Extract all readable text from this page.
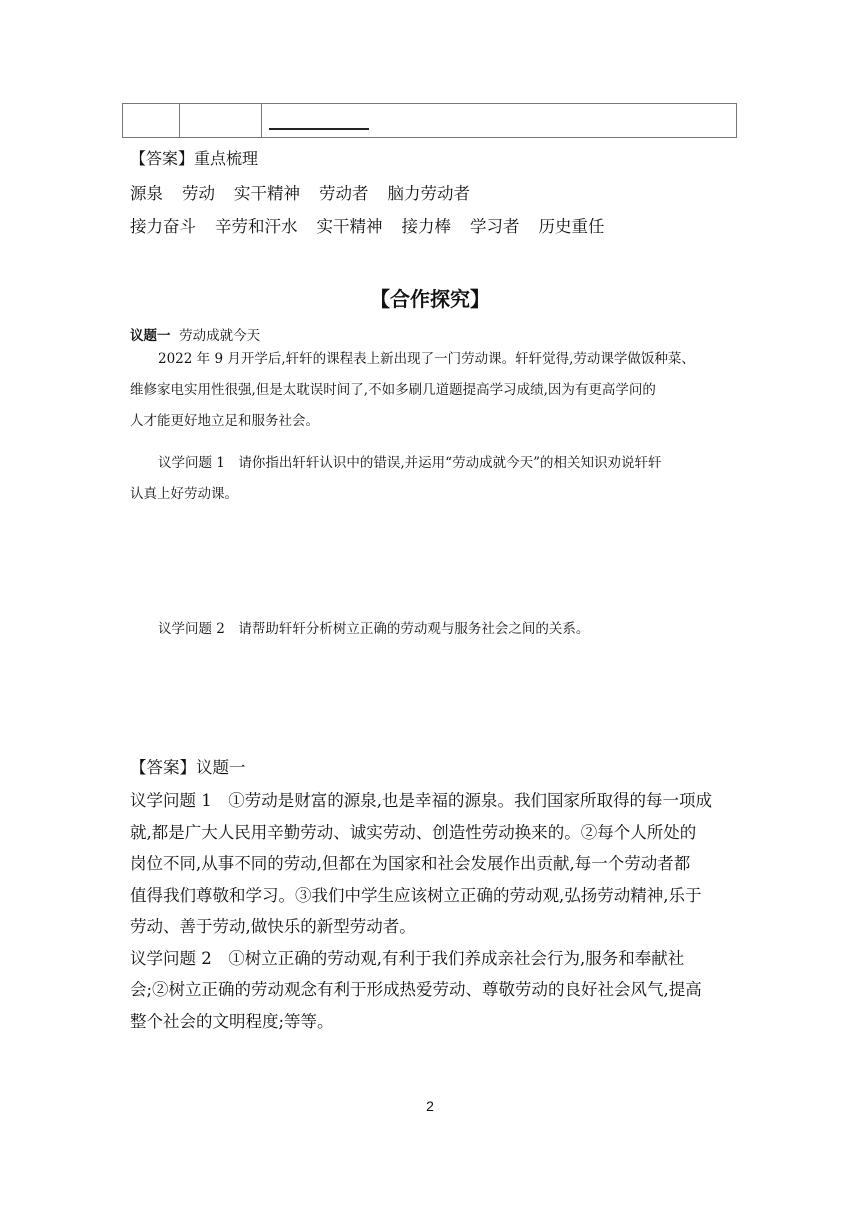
【答案】重点梳理
源泉 劳动 实干精神 劳动者 脑力劳动者
接力奋斗 辛劳和汗水 实干精神 接力棒 学习者 历史重任
【合作探究】
议题一 劳动成就今天
2022 年 9 月开学后,轩轩的课程表上新出现了一门劳动课。轩轩觉得,劳动课学做饭种菜、
维修家电实用性很强,但是太耽误时间了,不如多刷几道题提高学习成绩,因为有更高学问的
人才能更好地立足和服务社会。
议学问题 1　请你指出轩轩认识中的错误,并运用“劳动成就今天”的相关知识劝说轩轩
认真上好劳动课。
议学问题 2　请帮助轩轩分析树立正确的劳动观与服务社会之间的关系。
【答案】议题一
议学问题 1　①劳动是财富的源泉,也是幸福的源泉。我们国家所取得的每一项成
就,都是广大人民用辛勤劳动、诚实劳动、创造性劳动换来的。②每个人所处的
岗位不同,从事不同的劳动,但都在为国家和社会发展作出贡献,每一个劳动者都
值得我们尊敬和学习。③我们中学生应该树立正确的劳动观,弘扬劳动精神,乐于
劳动、善于劳动,做快乐的新型劳动者。
议学问题 2　①树立正确的劳动观,有利于我们养成亲社会行为,服务和奉献社
会;②树立正确的劳动观念有利于形成热爱劳动、尊敬劳动的良好社会风气,提高
整个社会的文明程度;等等。
2
